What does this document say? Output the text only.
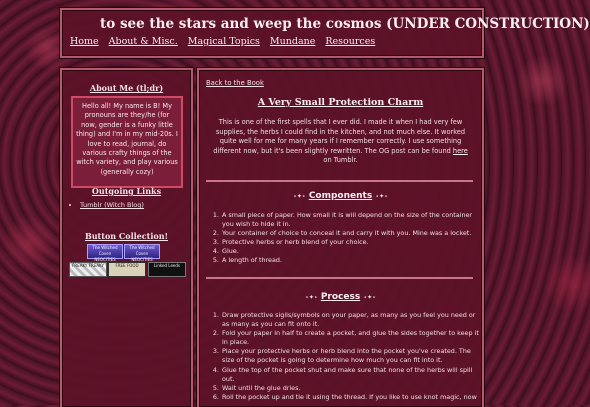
to see the stars and weep the cosmos (UNDER CONSTRUCTION)
Home About & Misc. Magical Topics Mundane Resources
About Me (tl;dr)
Hello all! My name is B! My pronouns are they/he (for now, gender is a funky little thing) and I'm in my mid-20s. I love to read, journal, do various crafty things of the witch variety, and play various (generally cozy)
Outgoing Links
• Tumblr (Witch Blog)
Button Collection!
The Witched Coven NEOCITIES
The Witched Coven NEOCITIES
FREAKY FREAKY	FREE FOOD	Linked Leeds
Back to the Book
A Very Small Protection Charm
This is one of the first spells that I ever did. I made it when I had very few supplies, the herbs I could find in the kitchen, and not much else. It worked quite well for me for many years if I remember correctly. I use something different now, but it's been slightly rewritten. The OG post can be found here on Tumblr.
⋆✦⋆ Components ⋆✦⋆
1. A small piece of paper. How small it is will depend on the size of the container you wish to hide it in.
2. Your container of choice to conceal it and carry it with you. Mine was a locket.
3. Protective herbs or herb blend of your choice.
4. Glue.
5. A length of thread.
⋆✦⋆ Process ⋆✦⋆
1. Draw protective sigils/symbols on your paper, as many as you feel you need or as many as you can fit onto it.
2. Fold your paper in half to create a pocket, and glue the sides together to keep it in place.
3. Place your protective herbs or herb blend into the pocket you've created. The size of the pocket is going to determine how much you can fit into it.
4. Glue the top of the pocket shut and make sure that none of the herbs will spill out.
5. Wait until the glue dries.
6. Roll the pocket up and tie it using the thread. If you like to use knot magic, now
